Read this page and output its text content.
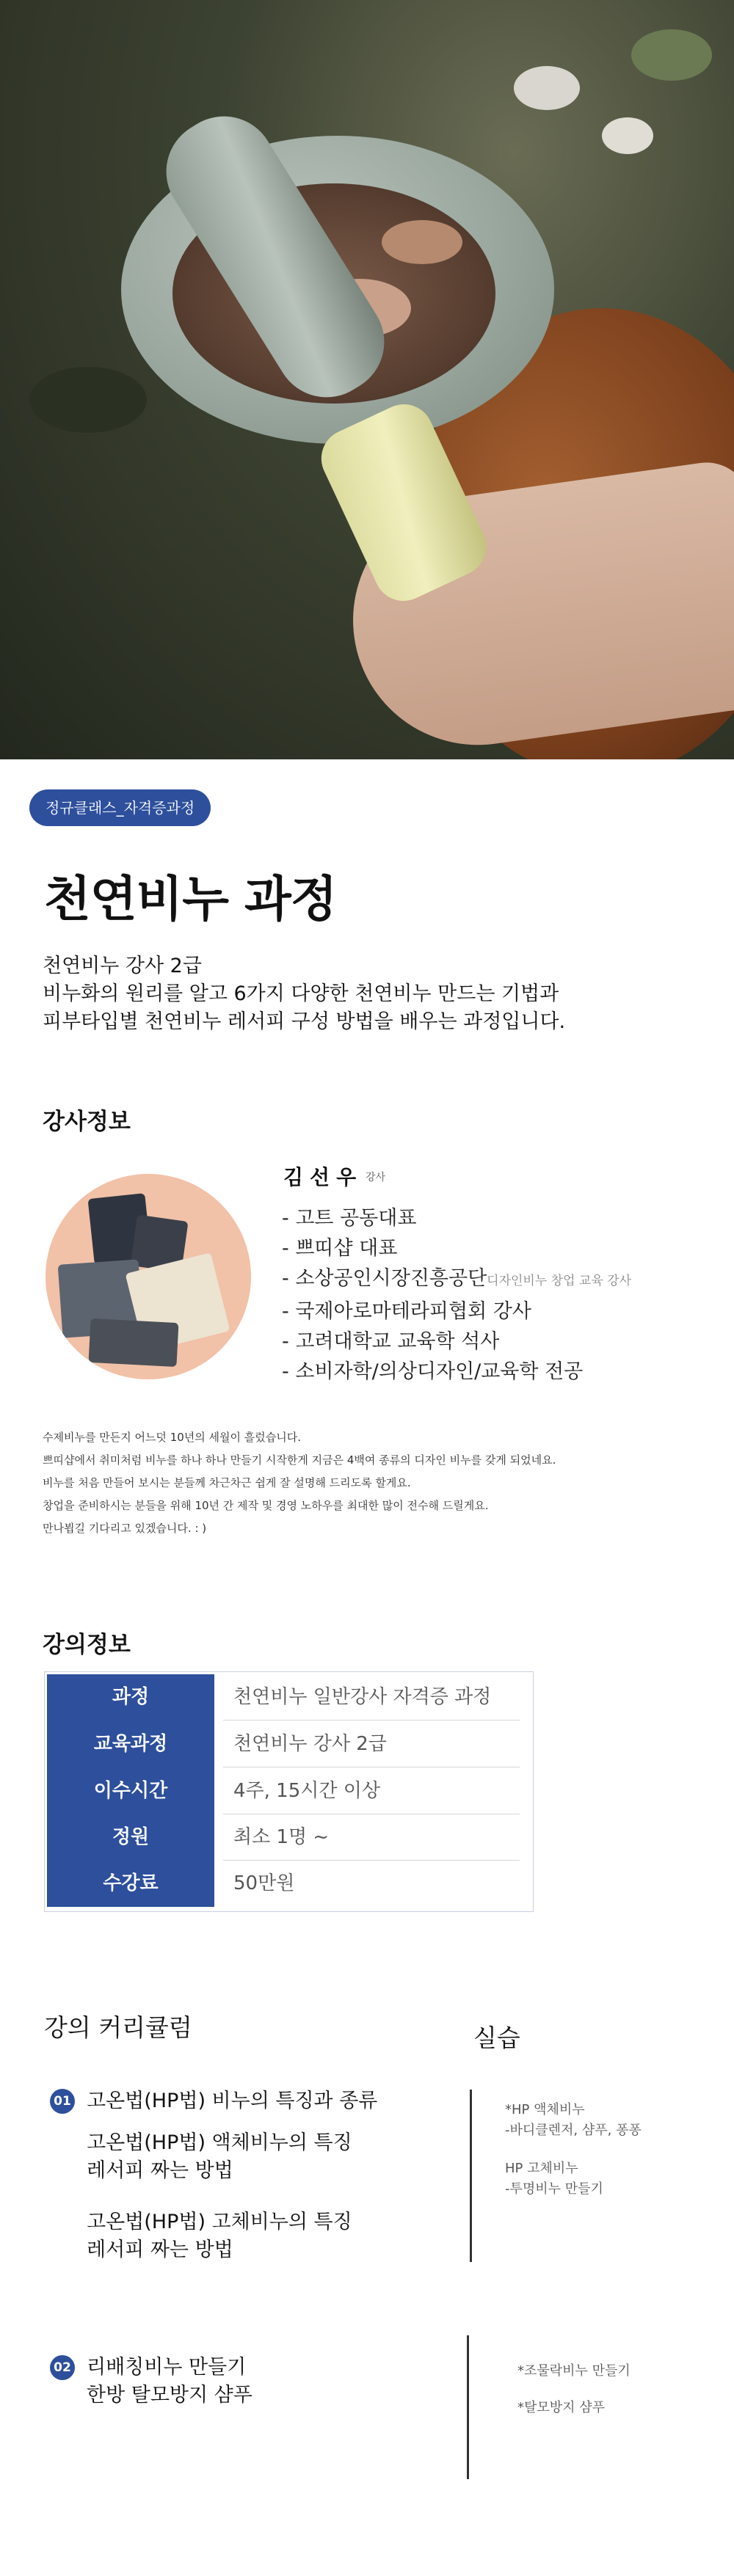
정규클래스_자격증과정
천연비누 과정
천연비누 강사 2급
비누화의 원리를 알고 6가지 다양한 천연비누 만드는 기법과
피부타입별 천연비누 레서피 구성 방법을 배우는 과정입니다.
강사정보
김선우 강사
- 고트 공동대표
- 쁘띠샵 대표
- 소상공인시장진흥공단디자인비누 창업 교육 강사
- 국제아로마테라피협회 강사
- 고려대학교 교육학 석사
- 소비자학/의상디자인/교육학 전공
수제비누를 만든지 어느덧 10년의 세월이 흘렀습니다.
쁘띠샵에서 취미처럼 비누를 하나 하나 만들기 시작한게 지금은 4백여 종류의 디자인 비누를 갖게 되었네요.
비누를 처음 만들어 보시는 분들께 차근차근 쉽게 잘 설명해 드리도록 할게요.
창업을 준비하시는 분들을 위해 10년 간 제작 및 경영 노하우를 최대한 많이 전수해 드릴게요.
만나뵙길 기다리고 있겠습니다. : )
강의정보
과정	천연비누 일반강사 자격증 과정
교육과정	천연비누 강사 2급
이수시간	4주, 15시간 이상
정원	최소 1명 ~
수강료	50만원
강의 커리큘럼	실습
01 고온법(HP법) 비누의 특징과 종류
고온법(HP법) 액체비누의 특징
레서피 짜는 방법
고온법(HP법) 고체비누의 특징
레서피 짜는 방법
*HP 액체비누
-바디클렌저, 샴푸, 퐁퐁
HP 고체비누
-투명비누 만들기
02 리배칭비누 만들기
한방 탈모방지 샴푸
*조물락비누 만들기
*탈모방지 샴푸
